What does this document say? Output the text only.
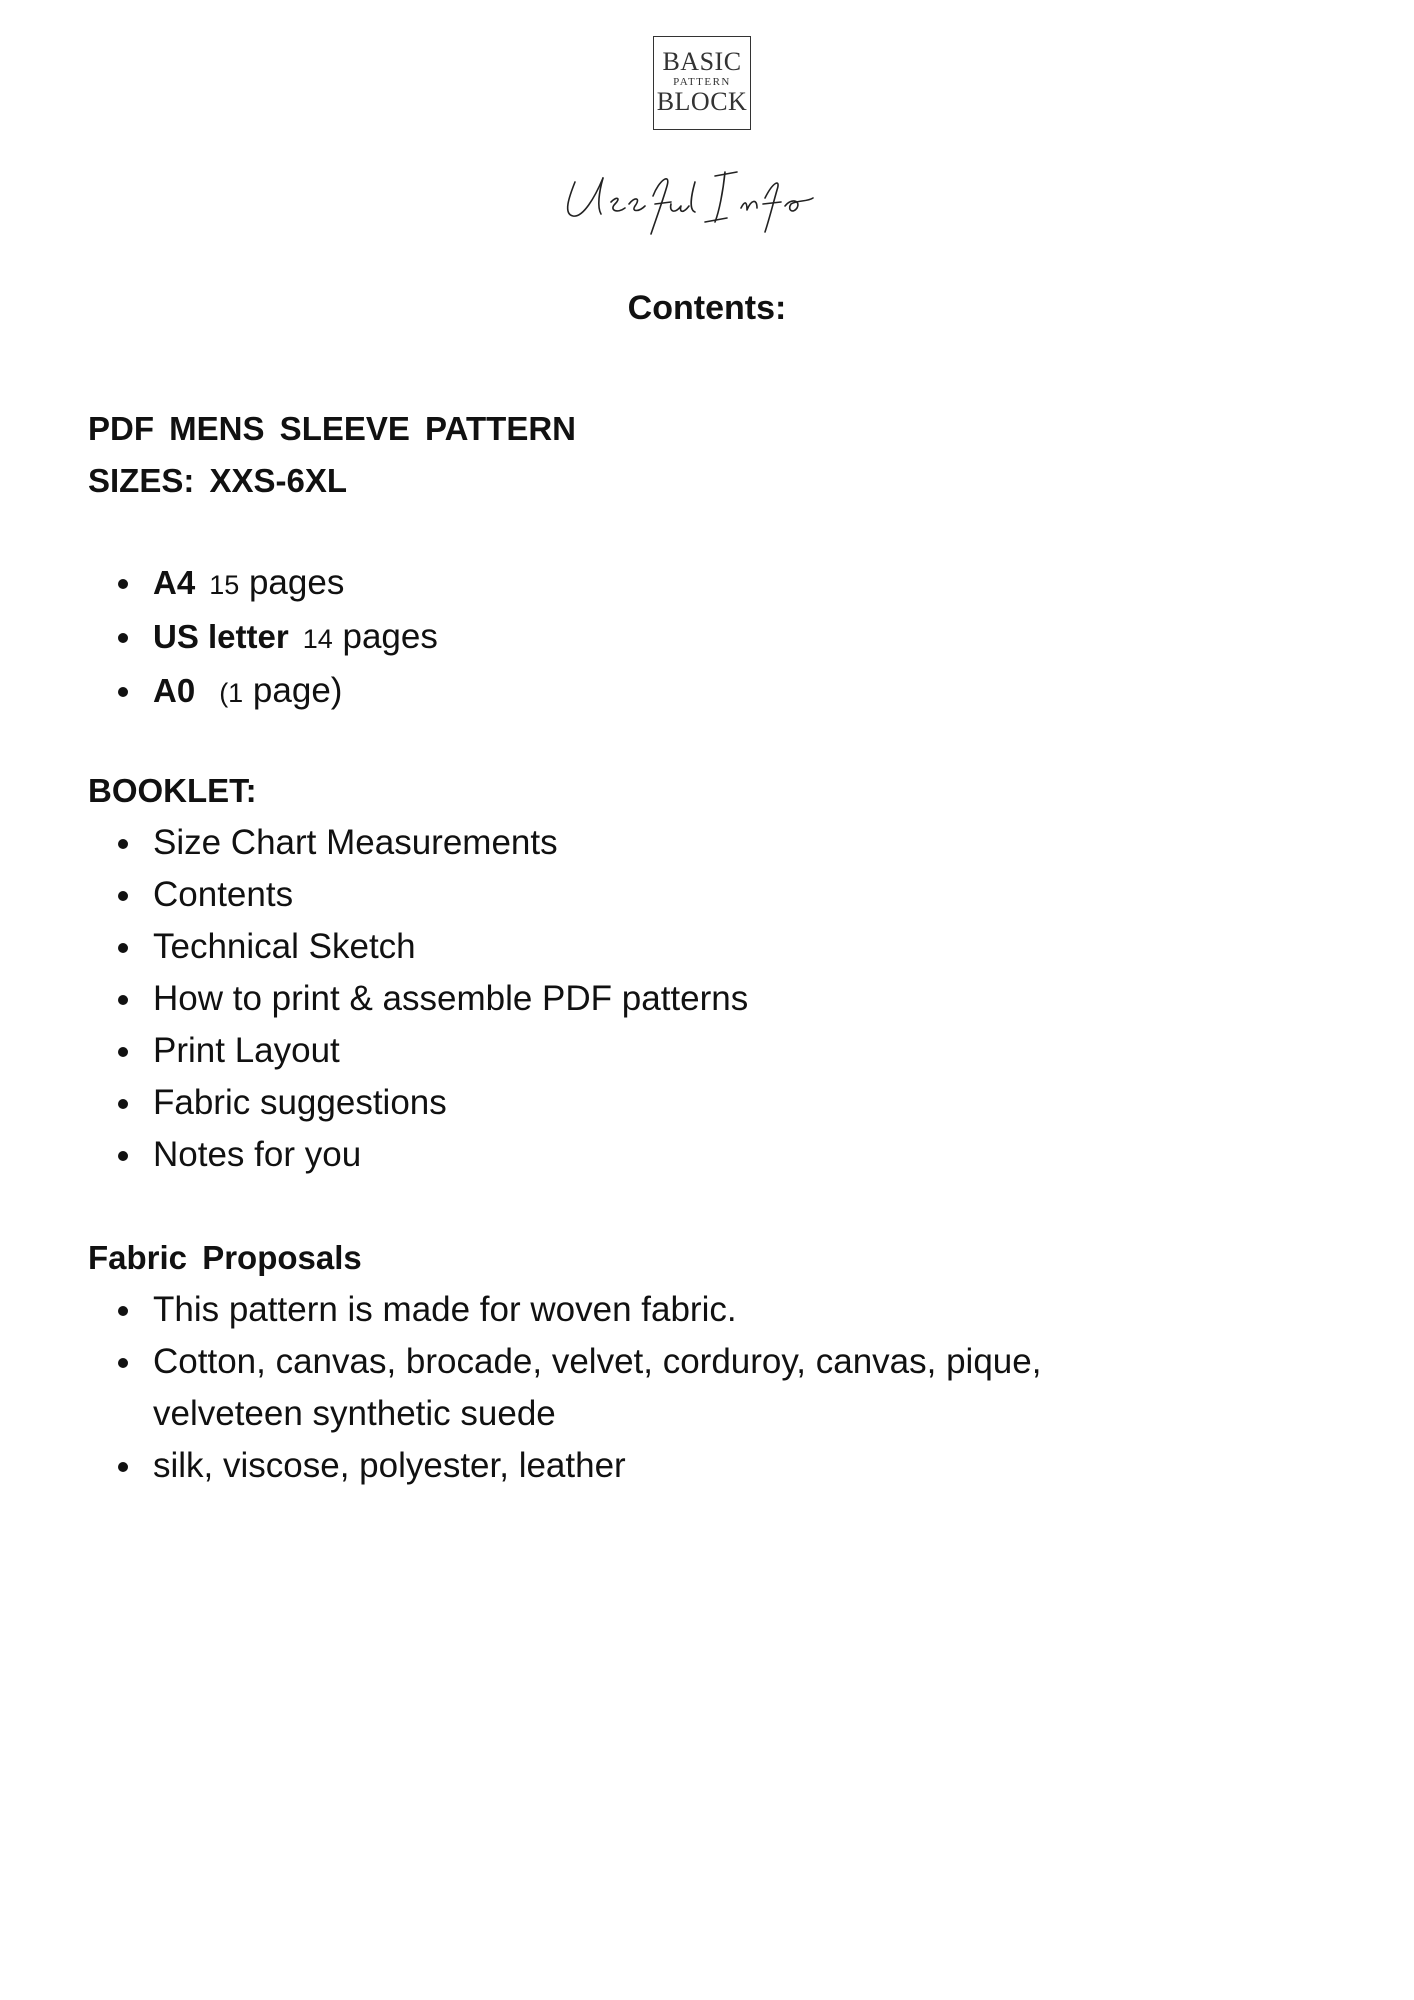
BASIC
PATTERN
BLOCK
Contents:

PDF MENS SLEEVE PATTERN

SIZES: XXS-6XL

A4 15 pages
US letter 14 pages
A0 (1 page)

BOOKLET:

Size Chart Measurements
Contents
Technical Sketch
How to print & assemble PDF patterns
Print Layout
Fabric suggestions
Notes for you

Fabric Proposals

This pattern is made for woven fabric.
Cotton, canvas, brocade, velvet, corduroy, canvas, pique, velveteen synthetic suede
silk, viscose, polyester, leather
